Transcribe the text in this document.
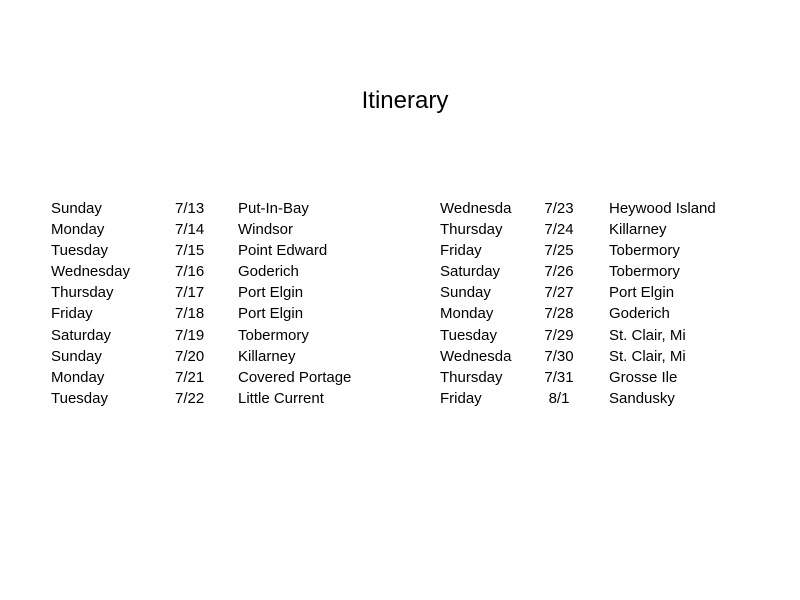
Itinerary
Sunday	7/13	Put-In-Bay
Monday	7/14	Windsor
Tuesday	7/15	Point Edward
Wednesday	7/16	Goderich
Thursday	7/17	Port Elgin
Friday	7/18	Port Elgin
Saturday	7/19	Tobermory
Sunday	7/20	Killarney
Monday	7/21	Covered Portage
Tuesday	7/22	Little Current
Wednesda	7/23	Heywood Island
Thursday	7/24	Killarney
Friday	7/25	Tobermory
Saturday	7/26	Tobermory
Sunday	7/27	Port Elgin
Monday	7/28	Goderich
Tuesday	7/29	St. Clair, Mi
Wednesda	7/30	St. Clair, Mi
Thursday	7/31	Grosse Ile
Friday	8/1	Sandusky
